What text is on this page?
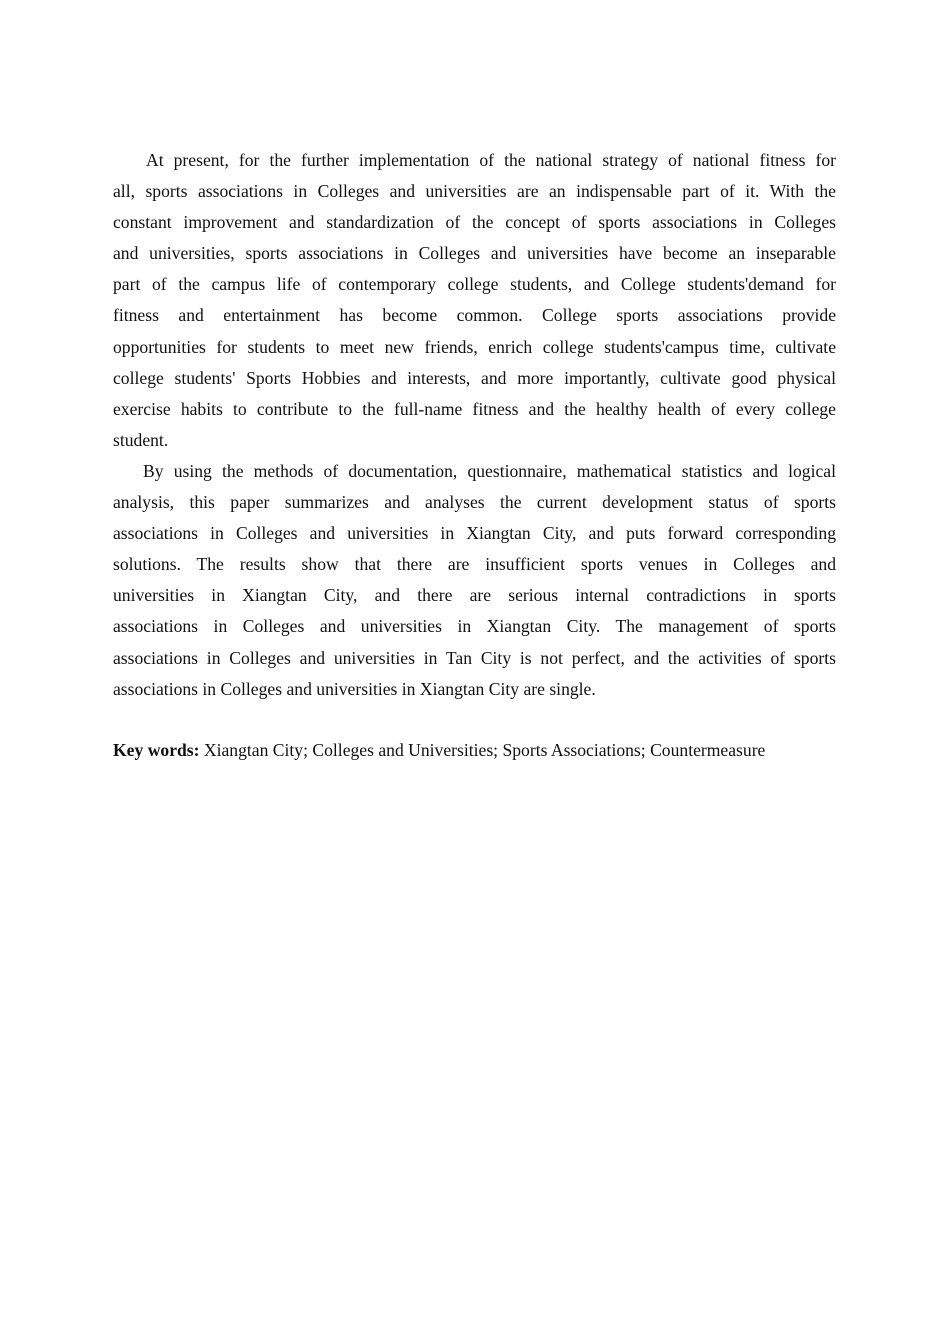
At present, for the further implementation of the national strategy of national fitness for
all, sports associations in Colleges and universities are an indispensable part of it. With the
constant improvement and standardization of the concept of sports associations in Colleges
and universities, sports associations in Colleges and universities have become an inseparable
part of the campus life of contemporary college students, and College students'demand for
fitness and entertainment has become common. College sports associations provide
opportunities for students to meet new friends, enrich college students'campus time, cultivate
college students' Sports Hobbies and interests, and more importantly, cultivate good physical
exercise habits to contribute to the full-name fitness and the healthy health of every college
student.
By using the methods of documentation, questionnaire, mathematical statistics and logical
analysis, this paper summarizes and analyses the current development status of sports
associations in Colleges and universities in Xiangtan City, and puts forward corresponding
solutions. The results show that there are insufficient sports venues in Colleges and
universities in Xiangtan City, and there are serious internal contradictions in sports
associations in Colleges and universities in Xiangtan City. The management of sports
associations in Colleges and universities in Tan City is not perfect, and the activities of sports
associations in Colleges and universities in Xiangtan City are single.
Key words: Xiangtan City; Colleges and Universities; Sports Associations; Countermeasure
